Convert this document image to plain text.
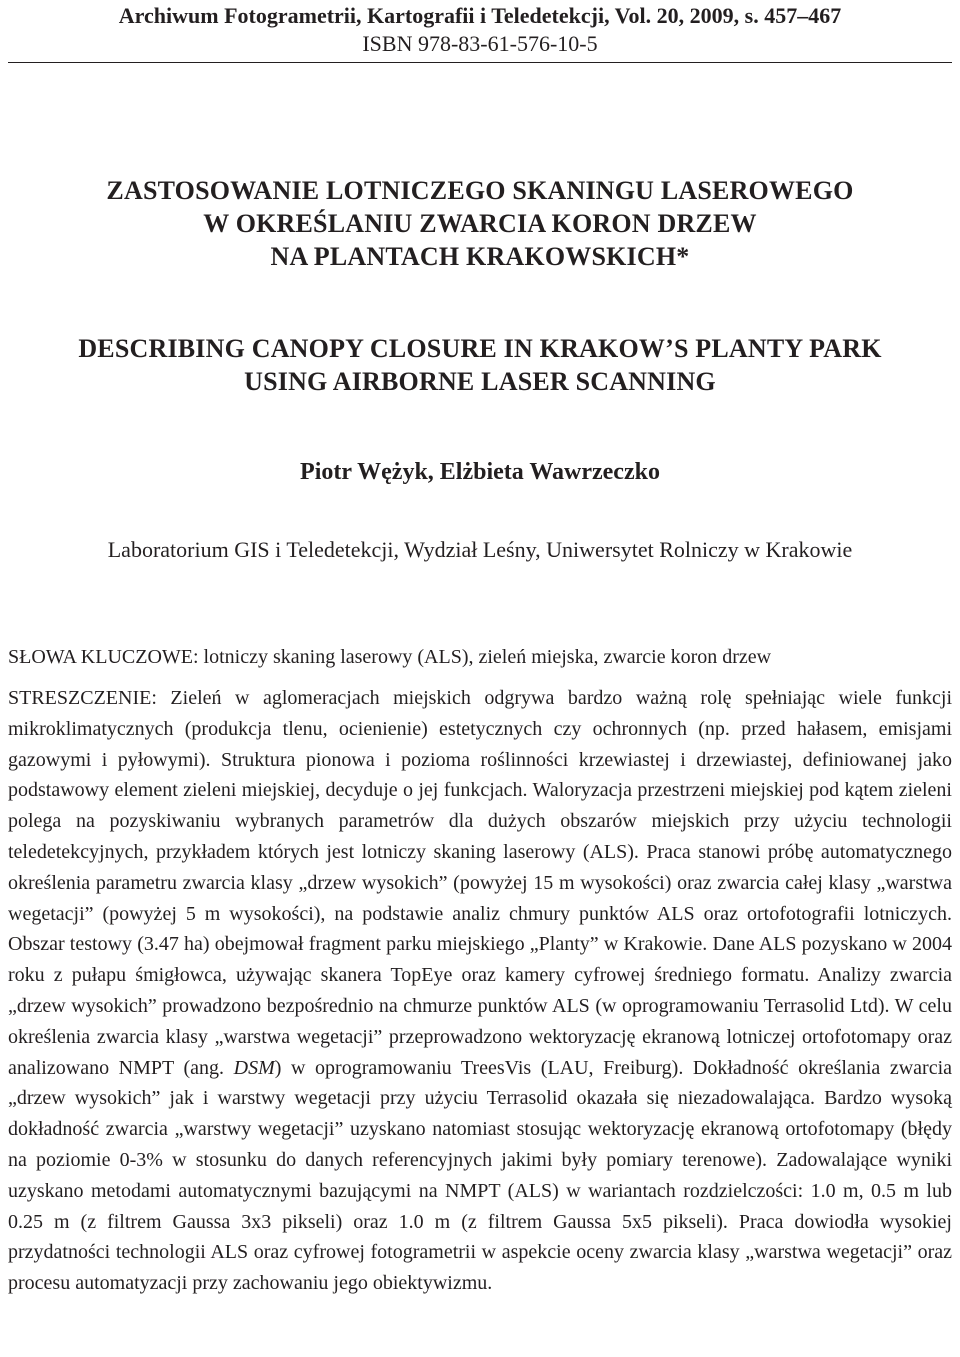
Archiwum Fotogrametrii, Kartografii i Teledetekcji, Vol. 20, 2009, s. 457–467
ISBN 978-83-61-576-10-5
ZASTOSOWANIE LOTNICZEGO SKANINGU LASEROWEGO
W OKREŚLANIU ZWARCIA KORON DRZEW
NA PLANTACH KRAKOWSKICH*
DESCRIBING CANOPY CLOSURE IN KRAKOW’S PLANTY PARK
USING AIRBORNE LASER SCANNING
Piotr Wężyk, Elżbieta Wawrzeczko
Laboratorium GIS i Teledetekcji, Wydział Leśny, Uniwersytet Rolniczy w Krakowie
SŁOWA KLUCZOWE: lotniczy skaning laserowy (ALS), zieleń miejska, zwarcie koron drzew
STRESZCZENIE: Zieleń w aglomeracjach miejskich odgrywa bardzo ważną rolę spełniając wiele funkcji mikroklimatycznych (produkcja tlenu, ocienienie) estetycznych czy ochronnych (np. przed hałasem, emisjami gazowymi i pyłowymi). Struktura pionowa i pozioma roślinności krzewiastej i drzewiastej, definiowanej jako podstawowy element zieleni miejskiej, decyduje o jej funkcjach. Waloryzacja przestrzeni miejskiej pod kątem zieleni polega na pozyskiwaniu wybranych parametrów dla dużych obszarów miejskich przy użyciu technologii teledetekcyjnych, przykładem których jest lotniczy skaning laserowy (ALS). Praca stanowi próbę automatycznego określenia parametru zwarcia klasy „drzew wysokich” (powyżej 15 m wysokości) oraz zwarcia całej klasy „warstwa wegetacji” (powyżej 5 m wysokości), na podstawie analiz chmury punktów ALS oraz ortofotografii lotniczych. Obszar testowy (3.47 ha) obejmował fragment parku miejskiego „Planty” w Krakowie. Dane ALS pozyskano w 2004 roku z pułapu śmigłowca, używając skanera TopEye oraz kamery cyfrowej średniego formatu. Analizy zwarcia „drzew wysokich” prowadzono bezpośrednio na chmurze punktów ALS (w oprogramowaniu Terrasolid Ltd). W celu określenia zwarcia klasy „warstwa wegetacji” przeprowadzono wektoryzację ekranową lotniczej ortofotomapy oraz analizowano NMPT (ang. DSM) w oprogramowaniu TreesVis (LAU, Freiburg). Dokładność określania zwarcia „drzew wysokich” jak i warstwy wegetacji przy użyciu Terrasolid okazała się niezadowalająca. Bardzo wysoką dokładność zwarcia „warstwy wegetacji” uzyskano natomiast stosując wektoryzację ekranową ortofotomapy (błędy na poziomie 0-3% w stosunku do danych referencyjnych jakimi były pomiary terenowe). Zadowalające wyniki uzyskano metodami automatycznymi bazującymi na NMPT (ALS) w wariantach rozdzielczości: 1.0 m, 0.5 m lub 0.25 m (z filtrem Gaussa 3x3 pikseli) oraz 1.0 m (z filtrem Gaussa 5x5 pikseli). Praca dowiodła wysokiej przydatności technologii ALS oraz cyfrowej fotogrametrii w aspekcie oceny zwarcia klasy „warstwa wegetacji” oraz procesu automatyzacji przy zachowaniu jego obiektywizmu.
